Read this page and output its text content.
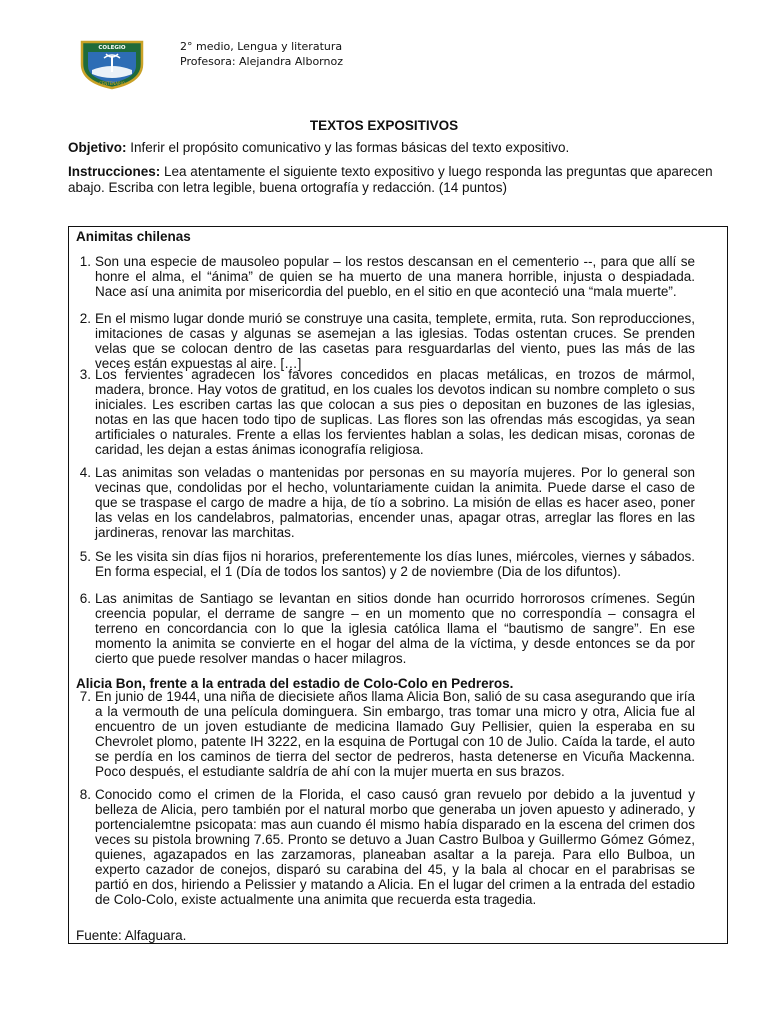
COLEGIO
CENTENARIO
2° medio, Lengua y literatura
Profesora: Alejandra Albornoz
TEXTOS EXPOSITIVOS
Objetivo: Inferir el propósito comunicativo y las formas básicas del texto expositivo.
Instrucciones: Lea atentamente el siguiente texto expositivo y luego responda las preguntas que aparecen abajo. Escriba con letra legible, buena ortografía y redacción. (14 puntos)
Animitas chilenas
1. Son una especie de mausoleo popular – los restos descansan en el cementerio --, para que allí se honre el alma, el “ánima” de quien se ha muerto de una manera horrible, injusta o despiadada. Nace así una animita por misericordia del pueblo, en el sitio en que aconteció una “mala muerte”.
2. En el mismo lugar donde murió se construye una casita, templete, ermita, ruta. Son reproducciones, imitaciones de casas y algunas se asemejan a las iglesias. Todas ostentan cruces. Se prenden velas que se colocan dentro de las casetas para resguardarlas del viento, pues las más de las veces están expuestas al aire. […]
3. Los fervientes agradecen los favores concedidos en placas metálicas, en trozos de mármol, madera, bronce. Hay votos de gratitud, en los cuales los devotos indican su nombre completo o sus iniciales. Les escriben cartas las que colocan a sus pies o depositan en buzones de las iglesias, notas en las que hacen todo tipo de suplicas. Las flores son las ofrendas más escogidas, ya sean artificiales o naturales. Frente a ellas los fervientes hablan a solas, les dedican misas, coronas de caridad, les dejan a estas ánimas iconografía religiosa.
4. Las animitas son veladas o mantenidas por personas en su mayoría mujeres. Por lo general son vecinas que, condolidas por el hecho, voluntariamente cuidan la animita. Puede darse el caso de que se traspase el cargo de madre a hija, de tío a sobrino. La misión de ellas es hacer aseo, poner las velas en los candelabros, palmatorias, encender unas, apagar otras, arreglar las flores en las jardineras, renovar las marchitas.
5. Se les visita sin días fijos ni horarios, preferentemente los días lunes, miércoles, viernes y sábados. En forma especial, el 1 (Día de todos los santos) y 2 de noviembre (Dia de los difuntos).
6. Las animitas de Santiago se levantan en sitios donde han ocurrido horrorosos crímenes. Según creencia popular, el derrame de sangre – en un momento que no correspondía – consagra el terreno en concordancia con lo que la iglesia católica llama el “bautismo de sangre”. En ese momento la animita se convierte en el hogar del alma de la víctima, y desde entonces se da por cierto que puede resolver mandas o hacer milagros.
Alicia Bon, frente a la entrada del estadio de Colo-Colo en Pedreros.
7. En junio de 1944, una niña de diecisiete años llama Alicia Bon, salió de su casa asegurando que iría a la vermouth de una película dominguera. Sin embargo, tras tomar una micro y otra, Alicia fue al encuentro de un joven estudiante de medicina llamado Guy Pellisier, quien la esperaba en su Chevrolet plomo, patente IH 3222, en la esquina de Portugal con 10 de Julio. Caída la tarde, el auto se perdía en los caminos de tierra del sector de pedreros, hasta detenerse en Vicuña Mackenna. Poco después, el estudiante saldría de ahí con la mujer muerta en sus brazos.
8. Conocido como el crimen de la Florida, el caso causó gran revuelo por debido a la juventud y belleza de Alicia, pero también por el natural morbo que generaba un joven apuesto y adinerado, y portencialemtne psicopata: mas aun cuando él mismo había disparado en la escena del crimen dos veces su pistola browning 7.65. Pronto se detuvo a Juan Castro Bulboa y Guillermo Gómez Gómez, quienes, agazapados en las zarzamoras, planeaban asaltar a la pareja. Para ello Bulboa, un experto cazador de conejos, disparó su carabina del 45, y la bala al chocar en el parabrisas se partió en dos, hiriendo a Pelissier y matando a Alicia. En el lugar del crimen a la entrada del estadio de Colo-Colo, existe actualmente una animita que recuerda esta tragedia.
Fuente: Alfaguara.
